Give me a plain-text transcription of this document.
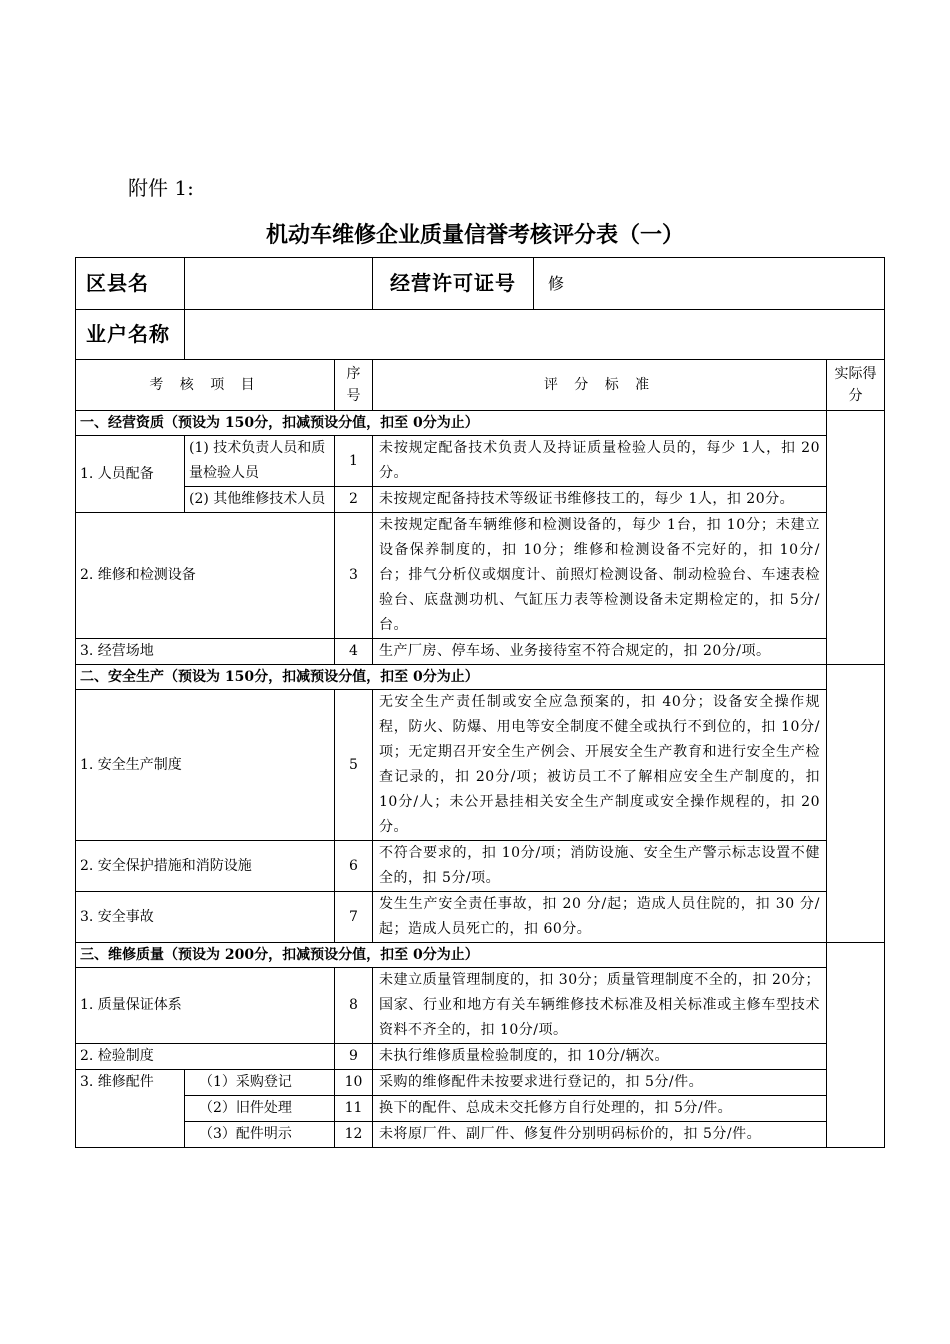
附件 1:
机动车维修企业质量信誉考核评分表（一）
区县名			经营许可证号 修	

业户名称				
考 核 项 目		序号	评 分 标 准	实际得分
一、经营资质（预设为 150分，扣减预设分值，扣至 0分为止）				
1. 人员配备	(1) 技术负责人员和质量检验人员	1	未按规定配备技术负责人及持证质量检验人员的，每少 1人，扣 20分。	
	(2) 其他维修技术人员	2	未按规定配备持技术等级证书维修技工的，每少 1人，扣 20分。	
2. 维修和检测设备		3	未按规定配备车辆维修和检测设备的，每少 1台，扣 10分；未建立设备保养制度的，扣 10分；维修和检测设备不完好的，扣 10分/台；排气分析仪或烟度计、前照灯检测设备、制动检验台、车速表检验台、底盘测功机、气缸压力表等检测设备未定期检定的，扣 5分/台。	
3. 经营场地		4	生产厂房、停车场、业务接待室不符合规定的，扣 20分/项。	
二、安全生产（预设为 150分，扣减预设分值，扣至 0分为止）				
1. 安全生产制度		5	无安全生产责任制或安全应急预案的，扣 40分；设备安全操作规程，防火、防爆、用电等安全制度不健全或执行不到位的，扣 10分/项；无定期召开安全生产例会、开展安全生产教育和进行安全生产检查记录的，扣 20分/项；被访员工不了解相应安全生产制度的，扣 10分/人；未公开悬挂相关安全生产制度或安全操作规程的，扣 20分。	
2. 安全保护措施和消防设施		6	不符合要求的，扣 10分/项；消防设施、安全生产警示标志设置不健全的，扣 5分/项。	
3. 安全事故		7	发生生产安全责任事故，扣 20 分/起；造成人员住院的，扣 30 分/起；造成人员死亡的，扣 60分。	
三、维修质量（预设为 200分，扣减预设分值，扣至 0分为止）				
1. 质量保证体系		8	未建立质量管理制度的，扣 30分；质量管理制度不全的，扣 20分；国家、行业和地方有关车辆维修技术标准及相关标准或主修车型技术资料不齐全的，扣 10分/项。	
2. 检验制度		9	未执行维修质量检验制度的，扣 10分/辆次。	
3. 维修配件	（1）采购登记	10	采购的维修配件未按要求进行登记的，扣 5分/件。	
	（2）旧件处理	11	换下的配件、总成未交托修方自行处理的，扣 5分/件。	
	（3）配件明示	12	未将原厂件、副厂件、修复件分别明码标价的，扣 5分/件。	
